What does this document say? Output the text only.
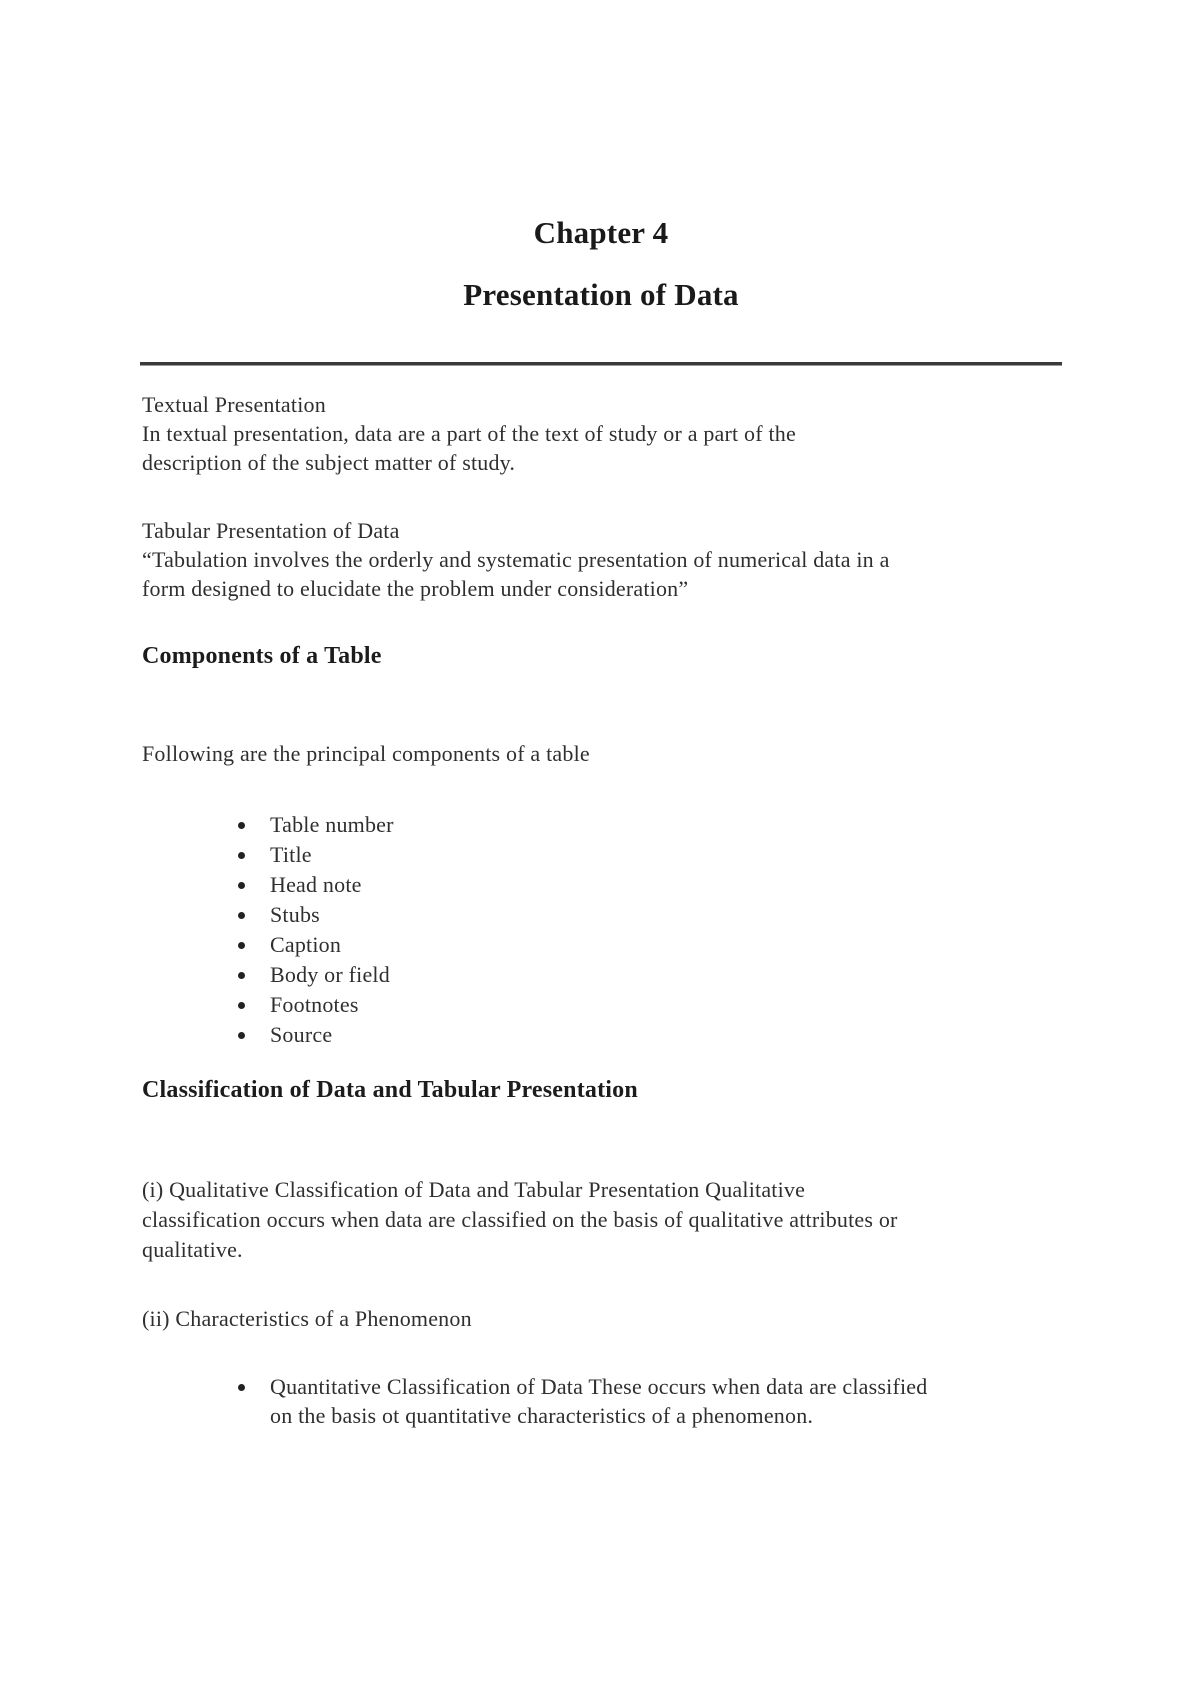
Chapter 4
Presentation of Data
Textual Presentation
In textual presentation, data are a part of the text of study or a part of the
description of the subject matter of study.
Tabular Presentation of Data
“Tabulation involves the orderly and systematic presentation of numerical data in a
form designed to elucidate the problem under consideration”
Components of a Table
Following are the principal components of a table
Table number
Title
Head note
Stubs
Caption
Body or field
Footnotes
Source
Classification of Data and Tabular Presentation
(i) Qualitative Classification of Data and Tabular Presentation Qualitative
classification occurs when data are classified on the basis of qualitative attributes or
qualitative.
(ii) Characteristics of a Phenomenon
Quantitative Classification of Data These occurs when data are classified
on the basis ot quantitative characteristics of a phenomenon.
